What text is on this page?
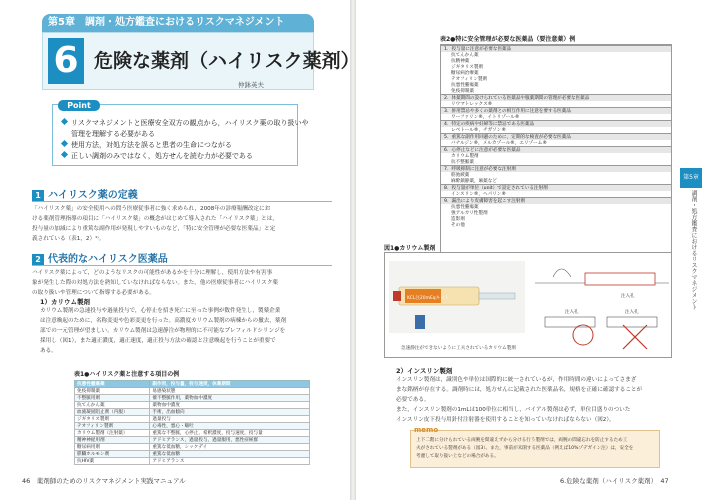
第5章　調剤・処方鑑査におけるリスクマネジメント
6 危険な薬剤（ハイリスク薬剤）
仲鉢英夫
Point
リスクマネジメントと医療安全双方の観点から，ハイリスク薬の取り扱いや
管理を理解する必要がある
使用方法，対処方法を誤ると患者の生命につながる
正しい調剤のみではなく，処方せんを読む力が必要である
1 ハイリスク薬の定義
「ハイリスク薬」の安全使用への問う医療従事者に強く求められ，2008年の診療報酬改定にお
ける薬剤管理指導の項目に「ハイリスク薬」の概念がはじめて導入された「ハイリスク薬」とは，
投与量の加減により重篤な副作用が発現しやすいものなど，「特に安全管理が必要な医薬品」と定
義されている（表1，2）¹⁾。
2 代表的なハイリスク医薬品
ハイリスク薬によって，どのようなリスクの可能性があるかを十分に理解し，使用方法や有害事
象が発生した際の対処方法を熟知していなければならない。また，他の医療従事者にハイリスク薬
の取り扱いや管理について指導する必要がある。
1）カリウム製剤
カリウム製剤の急速投与や過量投与で，心停止を招き死亡に至った事例が数件発生し，製薬企業
は注意喚起のために，名称変更や色彩変更を行った。高濃度カリウム製剤の病棟からの撤去，薬剤
部での一元管理が望ましい。カリウム製剤は急速静注が物理的に不可能なプレフィルドシリンジを
採用し（図1），また適正濃度，適正速度，適正投与方法の確認と注意喚起を行うことが重要で
ある。
表1●ハイリスク薬と注意する項目の例
抗悪性腫瘍薬	副作用，投与量，投与速度，休薬期間
免疫抑制薬	易感染状態
不整脈用剤	催不整脈作用，薬物血中濃度
抗てんかん薬	薬物血中濃度
血液凝固阻止剤（内服）	手術，出血傾向
ジギタリス製剤	過量投与
テオフィリン製剤	心毒性，悪心・嘔吐
カリウム製剤（注射薬）	重篤な不整脈，心停止，希釈濃度，投与速度，投与量
精神神経用剤	アドヒアランス，過量投与，過量服用，悪性症候群
糖尿病用剤	重篤な低血糖，シックデイ
膵臓ホルモン剤	重篤な低血糖
抗HIV薬	アドヒアランス
46　薬剤師のためのリスクマネジメント実践マニュアル
表2●特に安全管理が必要な医薬品（要注意薬）例
1．投与量に注意が必要な医薬品
抗てんかん薬
抗精神薬
ジギタリス製剤
糖尿病治療薬
テオフィリン製剤
抗悪性腫瘍薬
免疫抑制薬
2．休薬期間の設けられている医薬品や服薬期間の管理が必要な医薬品
リウマトレックス®
3．併用禁忌や多くの薬剤との相互作用に注意を要する医薬品
ワーファリン®，イトリゾール®
4．特定の疾病や妊婦等に禁忌である医薬品
レベトール®，チガソン®
5．重篤な副作用回避のために，定期的な検査が必要な医薬品
バナルジン®，メルカゾール®，エリゾーム®
6．心停止などに注意が必要な医薬品
カリウム製剤
抗不整脈薬
7．呼吸抑制に注意が必要な注射剤
筋弛緩薬
麻酔鎮静薬，麻薬など
8．投与量が単位（unit）で設定されている注射剤
インスリン®，ヘパリン®
9．漏出により皮膚障害を起こす注射剤
抗悪性腫瘍薬
強アルカリ性製剤
造影剤
その他
図1●カリウム製剤
KCL注20mEqキット
急速静注ができないように工夫されているカリウム製剤
注入孔
注入孔	注入孔
2）インスリン製剤
インスリン製剤は，識別色や単位は国際的に統一されているが，作用時間の違いによってさまざ
まな銘柄が存在する。調剤時には，処方せんに記載された医薬品名，規格を正確に確認することが
必要である。
また，インスリン製剤の1mLは100単位に相当し，バイアル製剤は必ず，単位目盛りのついた
インスリン皮下投与用針付注射器を使用することを知っていなければならない（図2）。
memo
上下二階に分けられている両腕を間違えずから分ける行う製剤では，両腕の間違忘れを防止するため工
夫がされている製剤がある（図3）。また，事前が未開する医薬品（例えば10%ゾデガイン注）は，安全を
考慮して取り扱い上などの場合がある。
第5章
調剤・処方鑑査におけるリスクマネジメント
6.危険な薬剤（ハイリスク薬剤）　47
